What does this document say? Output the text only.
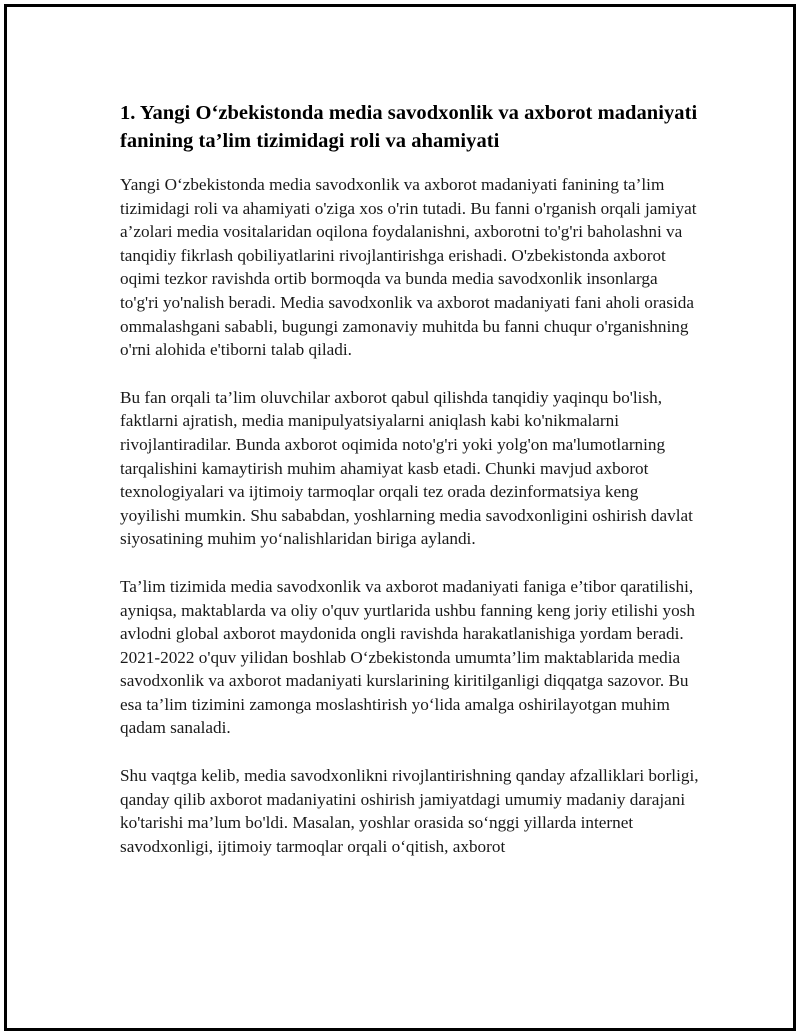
1. Yangi O‘zbekistonda media savodxonlik va axborot madaniyati fanining ta’lim tizimidagi roli va ahamiyati

Yangi O‘zbekistonda media savodxonlik va axborot madaniyati fanining ta’lim tizimidagi roli va ahamiyati o'ziga xos o'rin tutadi. Bu fanni o'rganish orqali jamiyat a’zolari media vositalaridan oqilona foydalanishni, axborotni to'g'ri baholashni va tanqidiy fikrlash qobiliyatlarini rivojlantirishga erishadi. O'zbekistonda axborot oqimi tezkor ravishda ortib bormoqda va bunda media savodxonlik insonlarga to'g'ri yo'nalish beradi. Media savodxonlik va axborot madaniyati fani aholi orasida ommalashgani sababli, bugungi zamonaviy muhitda bu fanni chuqur o'rganishning o'rni alohida e'tiborni talab qiladi.

Bu fan orqali ta’lim oluvchilar axborot qabul qilishda tanqidiy yaqinqu bo'lish, faktlarni ajratish, media manipulyatsiyalarni aniqlash kabi ko'nikmalarni rivojlantiradilar. Bunda axborot oqimida noto'g'ri yoki yolg'on ma'lumotlarning tarqalishini kamaytirish muhim ahamiyat kasb etadi. Chunki mavjud axborot texnologiyalari va ijtimoiy tarmoqlar orqali tez orada dezinformatsiya keng yoyilishi mumkin. Shu sababdan, yoshlarning media savodxonligini oshirish davlat siyosatining muhim yo‘nalishlaridan biriga aylandi.

Ta’lim tizimida media savodxonlik va axborot madaniyati faniga e’tibor qaratilishi, ayniqsa, maktablarda va oliy o'quv yurtlarida ushbu fanning keng joriy etilishi yosh avlodni global axborot maydonida ongli ravishda harakatlanishiga yordam beradi. 2021-2022 o'quv yilidan boshlab O‘zbekistonda umumta’lim maktablarida media savodxonlik va axborot madaniyati kurslarining kiritilganligi diqqatga sazovor. Bu esa ta’lim tizimini zamonga moslashtirish yo‘lida amalga oshirilayotgan muhim qadam sanaladi.

Shu vaqtga kelib, media savodxonlikni rivojlantirishning qanday afzalliklari borligi, qanday qilib axborot madaniyatini oshirish jamiyatdagi umumiy madaniy darajani ko'tarishi ma’lum bo'ldi. Masalan, yoshlar orasida so‘nggi yillarda internet savodxonligi, ijtimoiy tarmoqlar orqali o‘qitish, axborot
